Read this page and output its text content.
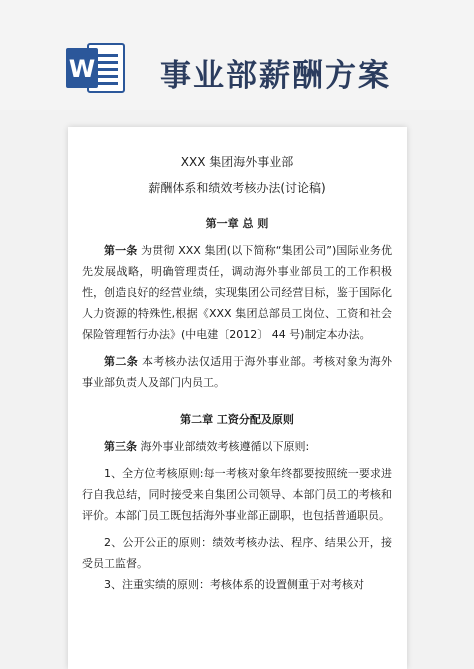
W 事业部薪酬方案
XXX 集团海外事业部
薪酬体系和绩效考核办法(讨论稿)
第一章 总 则

第一条 为贯彻 XXX 集团(以下简称“集团公司”)国际业务优先发展战略，明确管理责任，调动海外事业部员工的工作积极性，创造良好的经营业绩，实现集团公司经营目标，鉴于国际化人力资源的特殊性,根据《XXX 集团总部员工岗位、工资和社会保险管理暂行办法》(中电建〔2012〕 44 号)制定本办法。

第二条 本考核办法仅适用于海外事业部。考核对象为海外事业部负责人及部门内员工。

第二章 工资分配及原则

第三条 海外事业部绩效考核遵循以下原则:

1、全方位考核原则:每一考核对象年终都要按照统一要求进行自我总结，同时接受来自集团公司领导、本部门员工的考核和评价。本部门员工既包括海外事业部正副职，也包括普通职员。

2、公开公正的原则：绩效考核办法、程序、结果公开，接受员工监督。

3、注重实绩的原则：考核体系的设置侧重于对考核对
